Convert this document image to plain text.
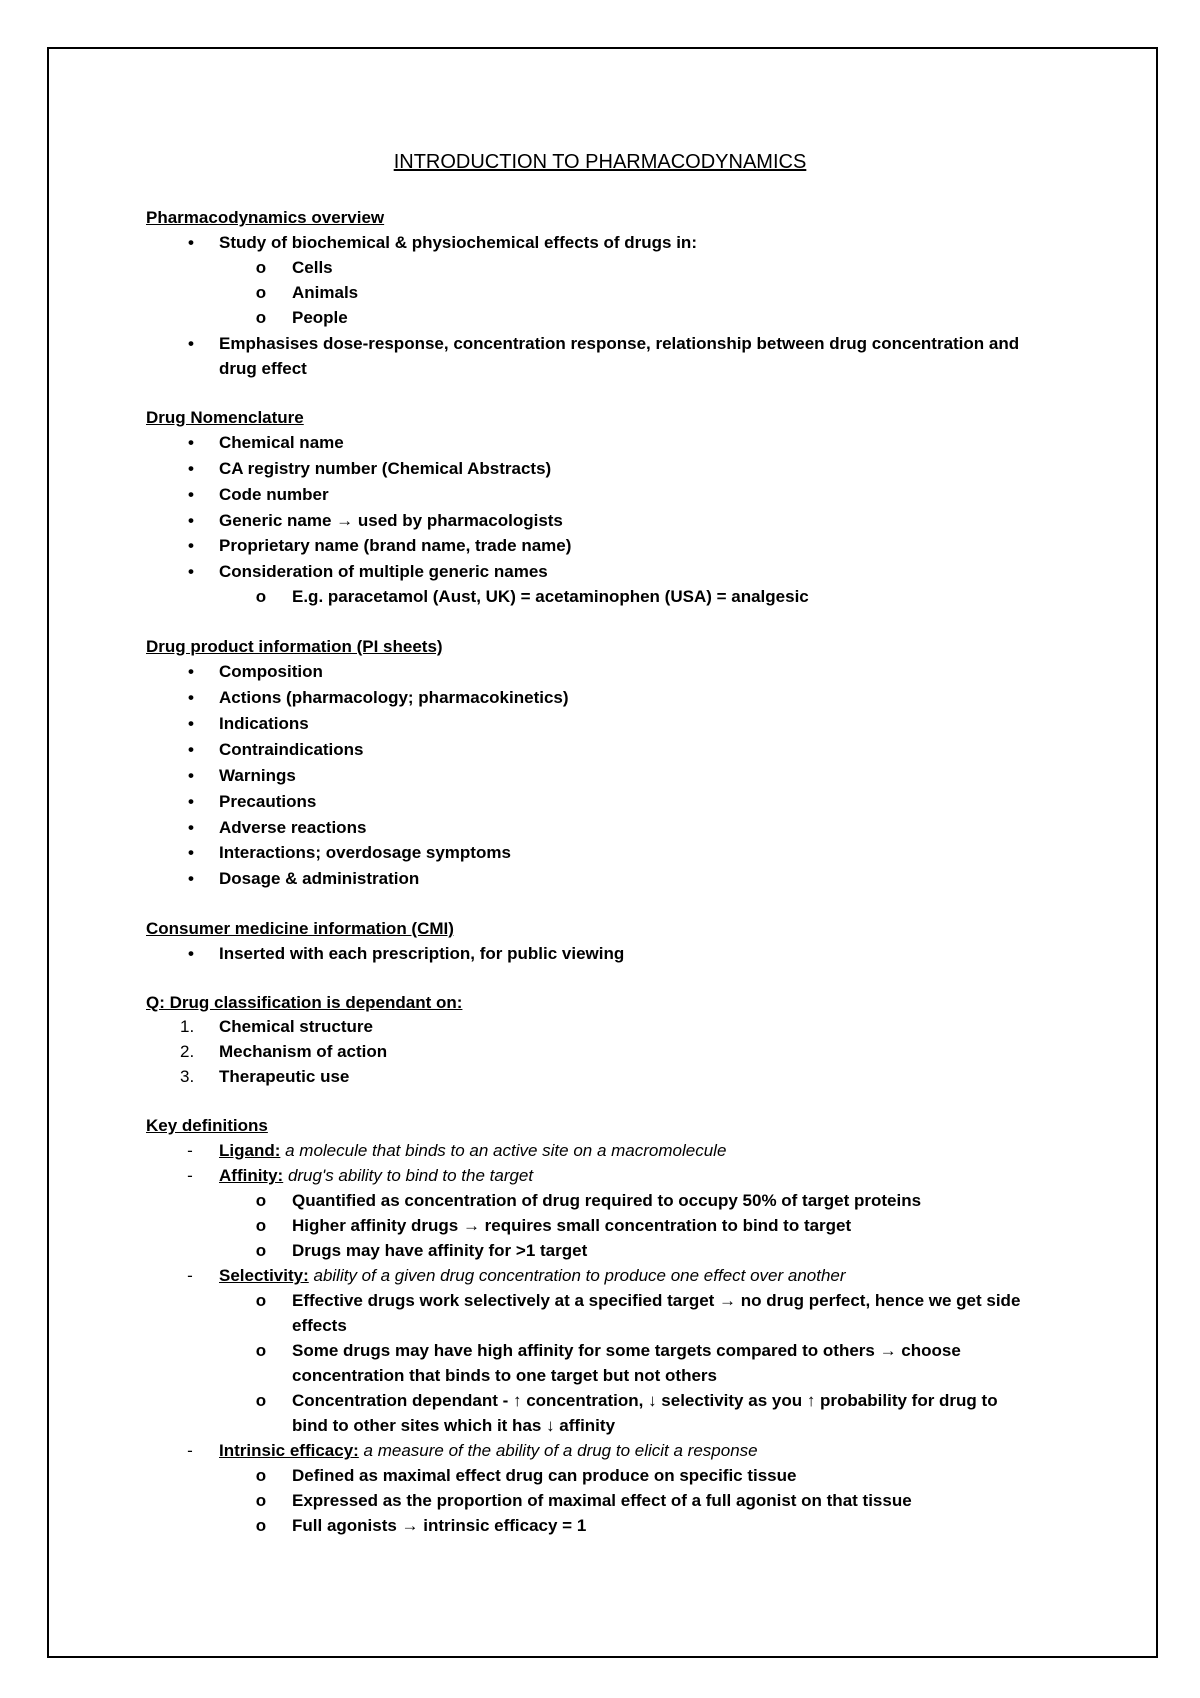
INTRODUCTION TO PHARMACODYNAMICS
Pharmacodynamics overview
• Study of biochemical & physiochemical effects of drugs in:
o Cells
o Animals
o People
• Emphasises dose-response, concentration response, relationship between drug concentration and
drug effect
Drug Nomenclature
• Chemical name
• CA registry number (Chemical Abstracts)
• Code number
• Generic name → used by pharmacologists
• Proprietary name (brand name, trade name)
• Consideration of multiple generic names
o E.g. paracetamol (Aust, UK) = acetaminophen (USA) = analgesic
Drug product information (PI sheets)
• Composition
• Actions (pharmacology; pharmacokinetics)
• Indications
• Contraindications
• Warnings
• Precautions
• Adverse reactions
• Interactions; overdosage symptoms
• Dosage & administration
Consumer medicine information (CMI)
• Inserted with each prescription, for public viewing
Q: Drug classification is dependant on:
1.	Chemical structure
2.	Mechanism of action
3.	Therapeutic use
Key definitions
- Ligand: a molecule that binds to an active site on a macromolecule
- Affinity: drug's ability to bind to the target
o Quantified as concentration of drug required to occupy 50% of target proteins
o Higher affinity drugs → requires small concentration to bind to target
o Drugs may have affinity for >1 target
- Selectivity: ability of a given drug concentration to produce one effect over another
o Effective drugs work selectively at a specified target → no drug perfect, hence we get side
effects
o Some drugs may have high affinity for some targets compared to others → choose
concentration that binds to one target but not others
o Concentration dependant - ↑ concentration, ↓ selectivity as you ↑ probability for drug to
bind to other sites which it has ↓ affinity
- Intrinsic efficacy: a measure of the ability of a drug to elicit a response
o Defined as maximal effect drug can produce on specific tissue
o Expressed as the proportion of maximal effect of a full agonist on that tissue
o Full agonists → intrinsic efficacy = 1
